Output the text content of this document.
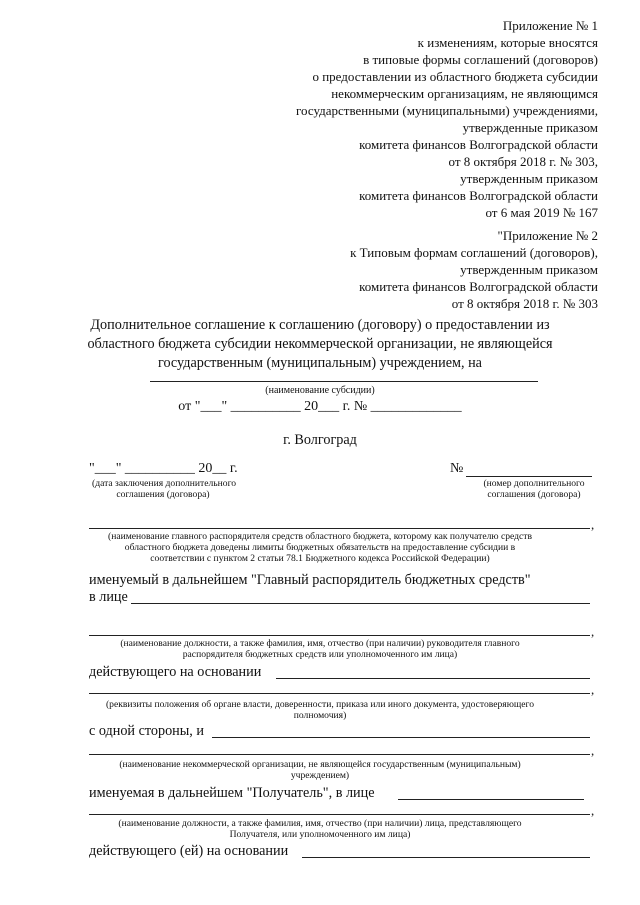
Приложение № 1
к изменениям, которые вносятся
в типовые формы соглашений (договоров)
о предоставлении из областного бюджета субсидии
некоммерческим организациям, не являющимся
государственными (муниципальными) учреждениями,
утвержденные приказом
комитета финансов Волгоградской области
от 8 октября 2018 г. № 303,
утвержденным приказом
комитета финансов Волгоградской области
от 6 мая 2019 № 167
"Приложение № 2
к Типовым формам соглашений (договоров),
утвержденным приказом
комитета финансов Волгоградской области
от 8 октября 2018 г. № 303
Дополнительное соглашение к соглашению (договору) о предоставлении из
областного бюджета субсидии некоммерческой организации, не являющейся
государственным (муниципальным) учреждением, на
(наименование субсидии)
от "___" __________ 20___ г. № _____________
г. Волгоград
"___" __________ 20__ г.
(дата заключения дополнительного
соглашения (договора)
№
(номер дополнительного
соглашения (договора)
,
(наименование главного распорядителя средств областного бюджета, которому как получателю средств
областного бюджета доведены лимиты бюджетных обязательств на предоставление субсидии в
соответствии с пунктом 2 статьи 78.1 Бюджетного кодекса Российской Федерации)
именуемый в дальнейшем "Главный распорядитель бюджетных средств"
в лице
,
(наименование должности, а также фамилия, имя, отчество (при наличии) руководителя главного
распорядителя бюджетных средств или уполномоченного им лица)
действующего на основании
,
(реквизиты положения об органе власти, доверенности, приказа или иного документа, удостоверяющего
полномочия)
с одной стороны, и
,
(наименование некоммерческой организации, не являющейся государственным (муниципальным)
учреждением)
именуемая в дальнейшем "Получатель", в лице
,
(наименование должности, а также фамилия, имя, отчество (при наличии) лица, представляющего
Получателя, или уполномоченного им лица)
действующего (ей) на основании
